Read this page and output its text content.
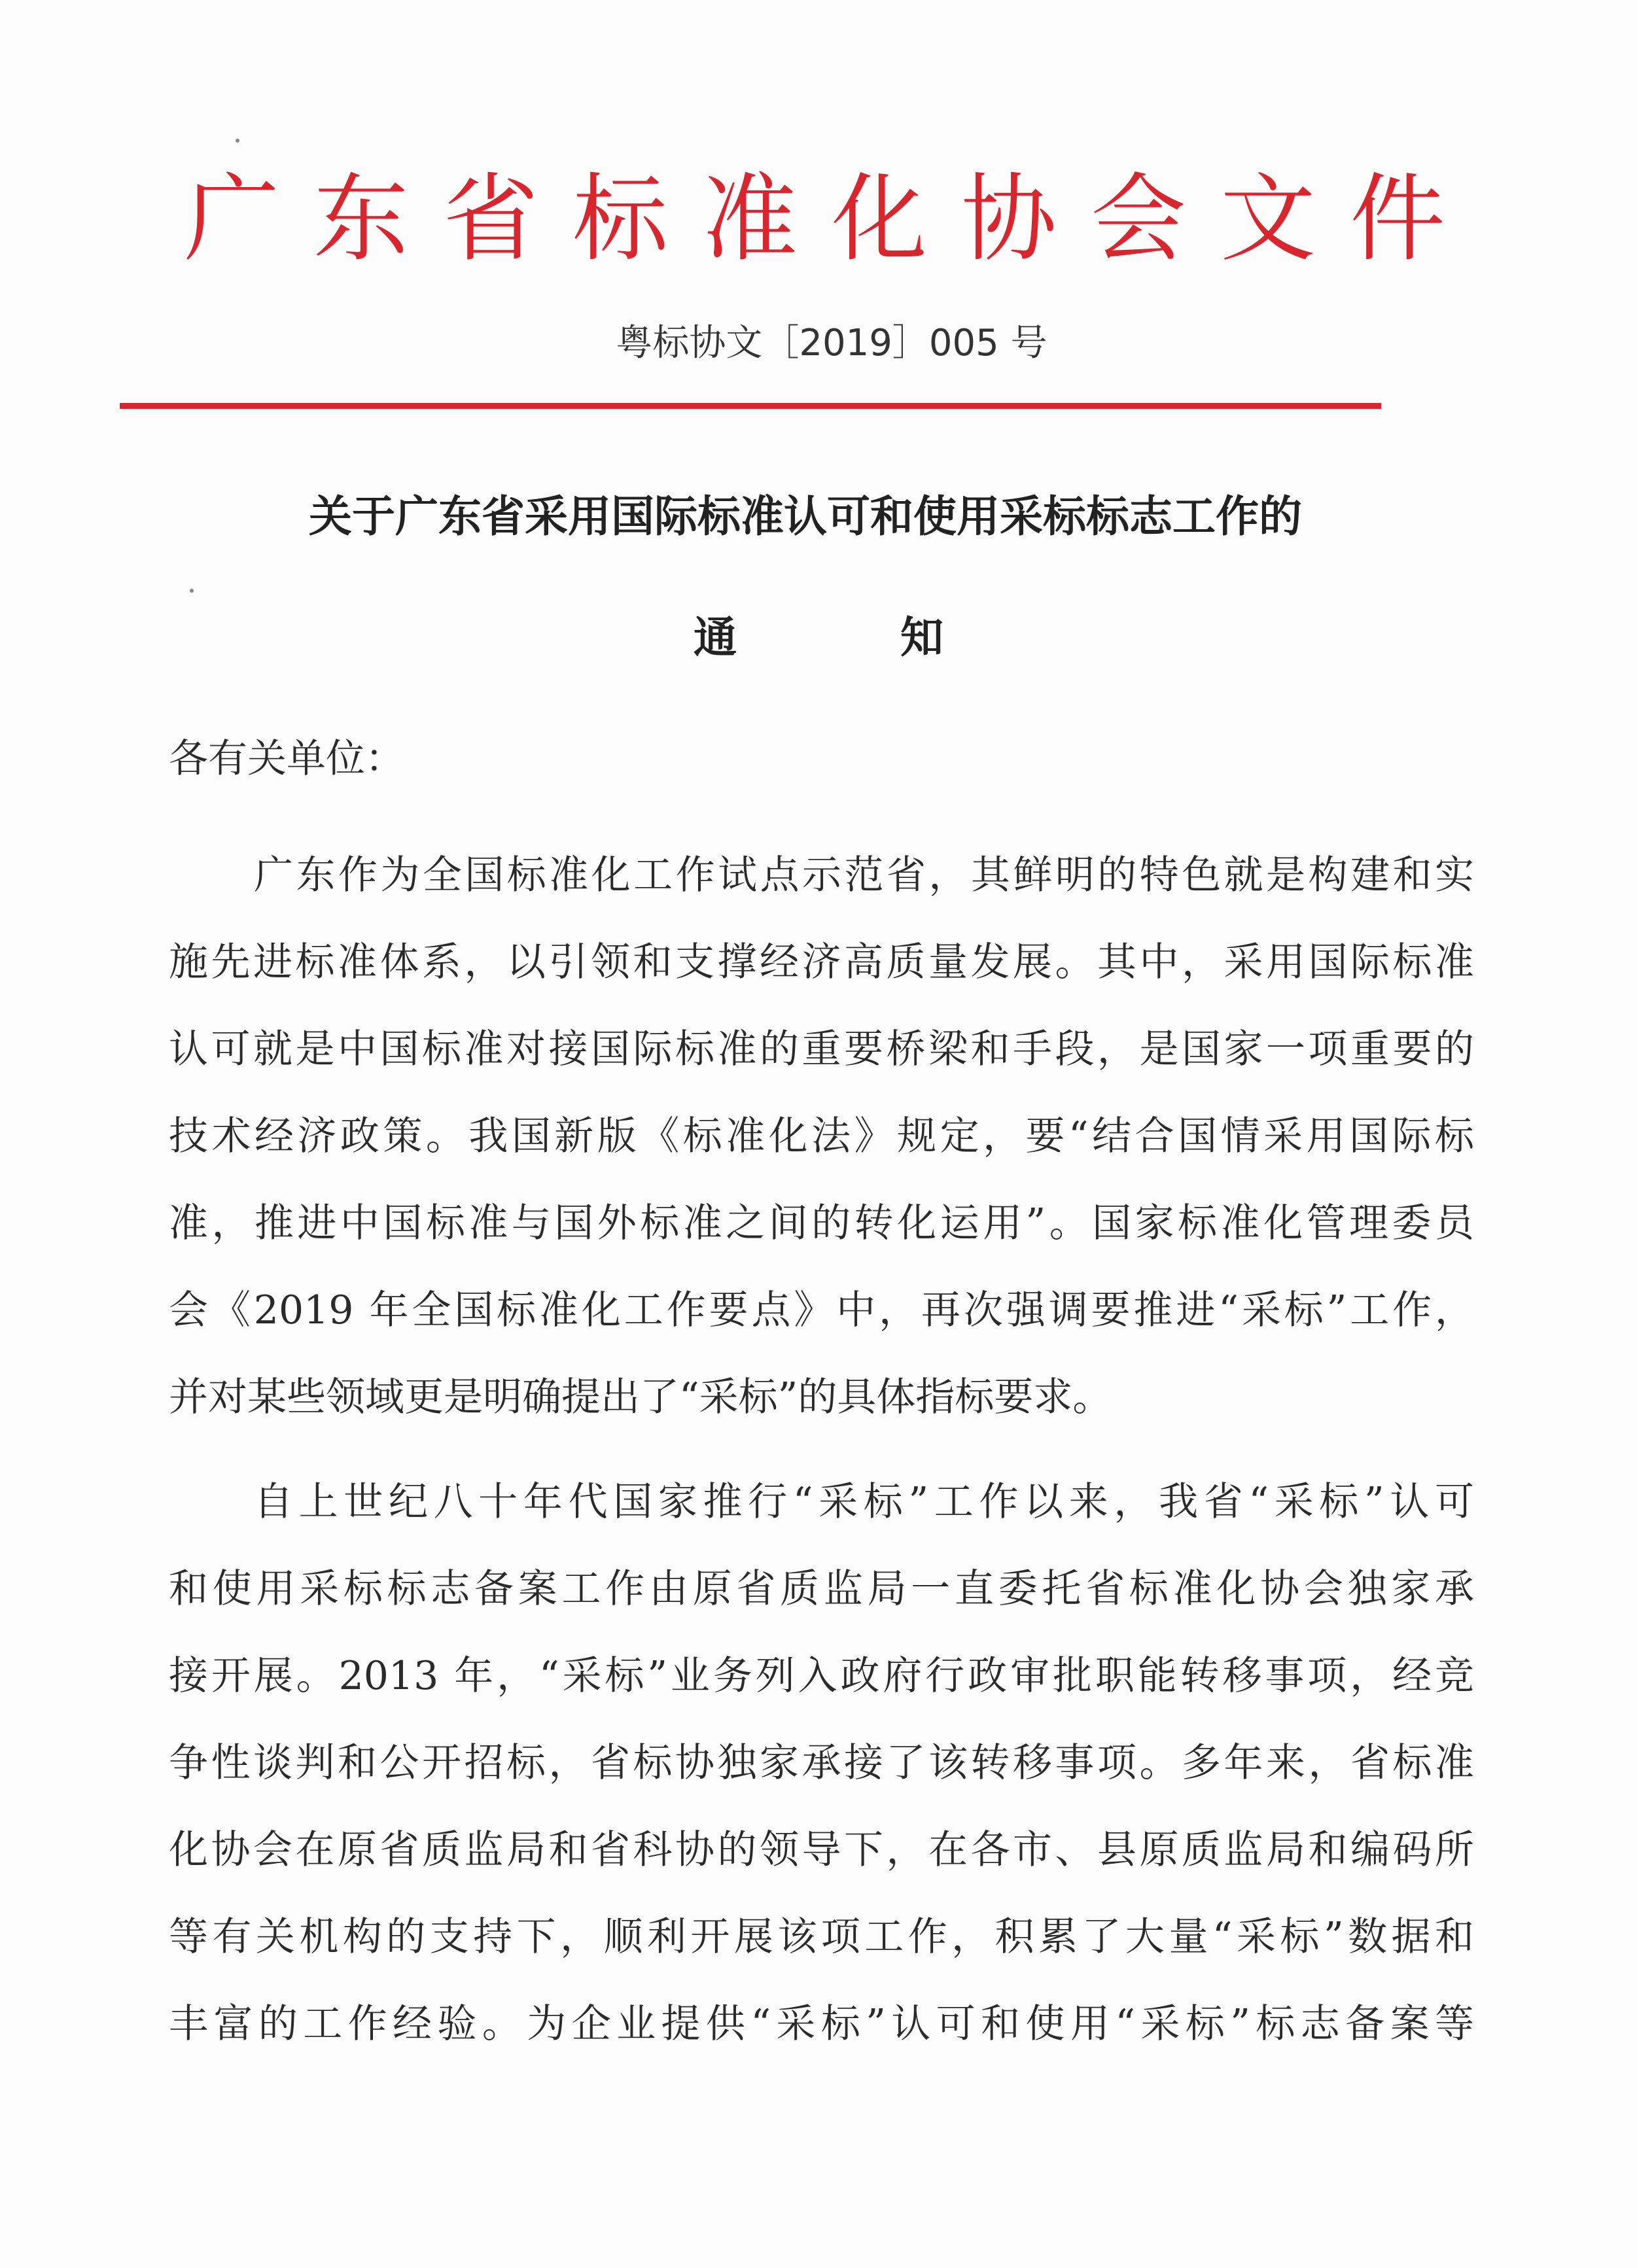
广东省标准化协会文件
粤标协文［2019］005 号
关于广东省采用国际标准认可和使用采标标志工作的
通	知
各有关单位：
广东作为全国标准化工作试点示范省，其鲜明的特色就是构建和实
施先进标准体系，以引领和支撑经济高质量发展。其中，采用国际标准
认可就是中国标准对接国际标准的重要桥梁和手段，是国家一项重要的
技术经济政策。我国新版《标准化法》规定，要“结合国情采用国际标
准，推进中国标准与国外标准之间的转化运用”。国家标准化管理委员
会《2019 年全国标准化工作要点》中，再次强调要推进“采标”工作，
并对某些领域更是明确提出了“采标”的具体指标要求。
自上世纪八十年代国家推行“采标”工作以来，我省“采标”认可
和使用采标标志备案工作由原省质监局一直委托省标准化协会独家承
接开展。2013 年，“采标”业务列入政府行政审批职能转移事项，经竞
争性谈判和公开招标，省标协独家承接了该转移事项。多年来，省标准
化协会在原省质监局和省科协的领导下，在各市、县原质监局和编码所
等有关机构的支持下，顺利开展该项工作，积累了大量“采标”数据和
丰富的工作经验。为企业提供“采标”认可和使用“采标”标志备案等
